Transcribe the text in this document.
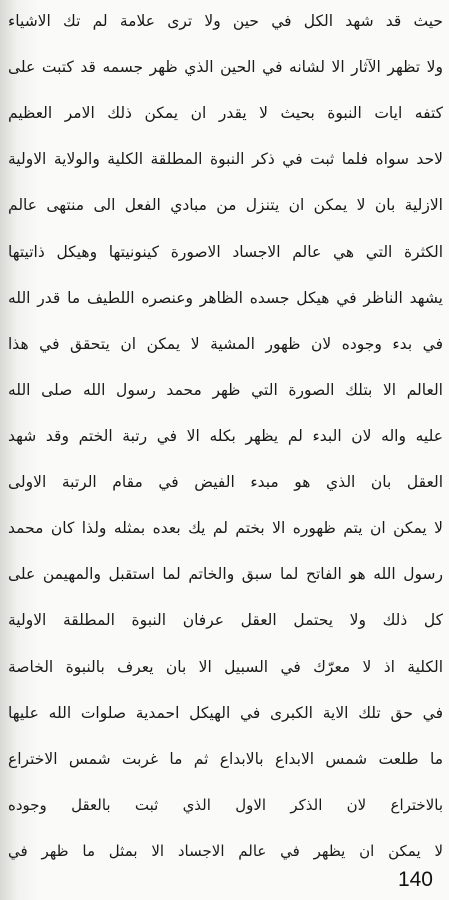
حيث قد شهد الكل في حين ولا ترى علامة لم تك الاشياء
ولا تظهر الآثار الا لشانه في الحين الذي ظهر جسمه قد كتبت على
كتفه ايات النبوة بحيث لا يقدر ان يمكن ذلك الامر العظيم
لاحد سواه فلما ثبت في ذكر النبوة المطلقة الكلية والولاية الاولية
الازلية بان لا يمكن ان يتنزل من مبادي الفعل الى منتهى عالم
الكثرة التي هي عالم الاجساد الاصورة كينونيتها وهيكل ذاتيتها
يشهد الناظر في هيكل جسده الظاهر وعنصره اللطيف ما قدر الله
في بدء وجوده لان ظهور المشية لا يمكن ان يتحقق في هذا
العالم الا بتلك الصورة التي ظهر محمد رسول الله صلى الله
عليه واله لان البدء لم يظهر بكله الا في رتبة الختم وقد شهد
العقل بان الذي هو مبدء الفيض في مقام الرتبة الاولى
لا يمكن ان يتم ظهوره الا بختم لم يك بعده بمثله ولذا كان محمد
رسول الله هو الفاتح لما سبق والخاتم لما استقبل والمهيمن على
كل ذلك ولا يحتمل العقل عرفان النبوة المطلقة الاولية
الكلية اذ لا معرّك في السبيل الا بان يعرف بالنبوة الخاصة
في حق تلك الاية الكبرى في الهيكل احمدية صلوات الله عليها
ما طلعت شمس الابداع بالابداع ثم ما غربت شمس الاختراع
بالاختراع لان الذكر الاول الذي ثبت بالعقل وجوده
لا يمكن ان يظهر في عالم الاجساد الا بمثل ما ظهر في
140
